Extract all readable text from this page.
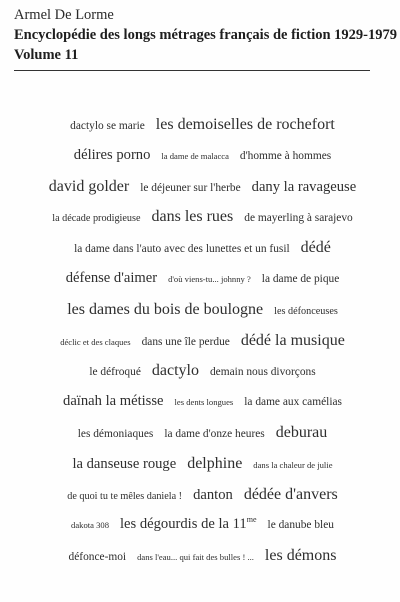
Armel De Lorme
Encyclopédie des longs métrages français de fiction 1929-1979
Volume 11
dactylo se marie les demoiselles de rochefort
délires porno la dame de malacca d'homme à hommes
david golder le déjeuner sur l'herbe dany la ravageuse
la décade prodigieuse dans les rues de mayerling à sarajevo
la dame dans l'auto avec des lunettes et un fusil dédé
défense d'aimer d'où viens-tu... johnny ? la dame de pique
les dames du bois de boulogne les défonceuses
déclic et des claques dans une île perdue dédé la musique
le défroqué dactylo demain nous divorçons
daïnah la métisse les dents longues la dame aux camélias
les démoniaques la dame d'onze heures deburau
la danseuse rouge delphine dans la chaleur de julie
de quoi tu te mêles daniela ! danton dédée d'anvers
dakota 308 les dégourdis de la $11^{me}$ le danube bleu
défonce-moi dans l'eau... qui fait des bulles ! ... les démons
